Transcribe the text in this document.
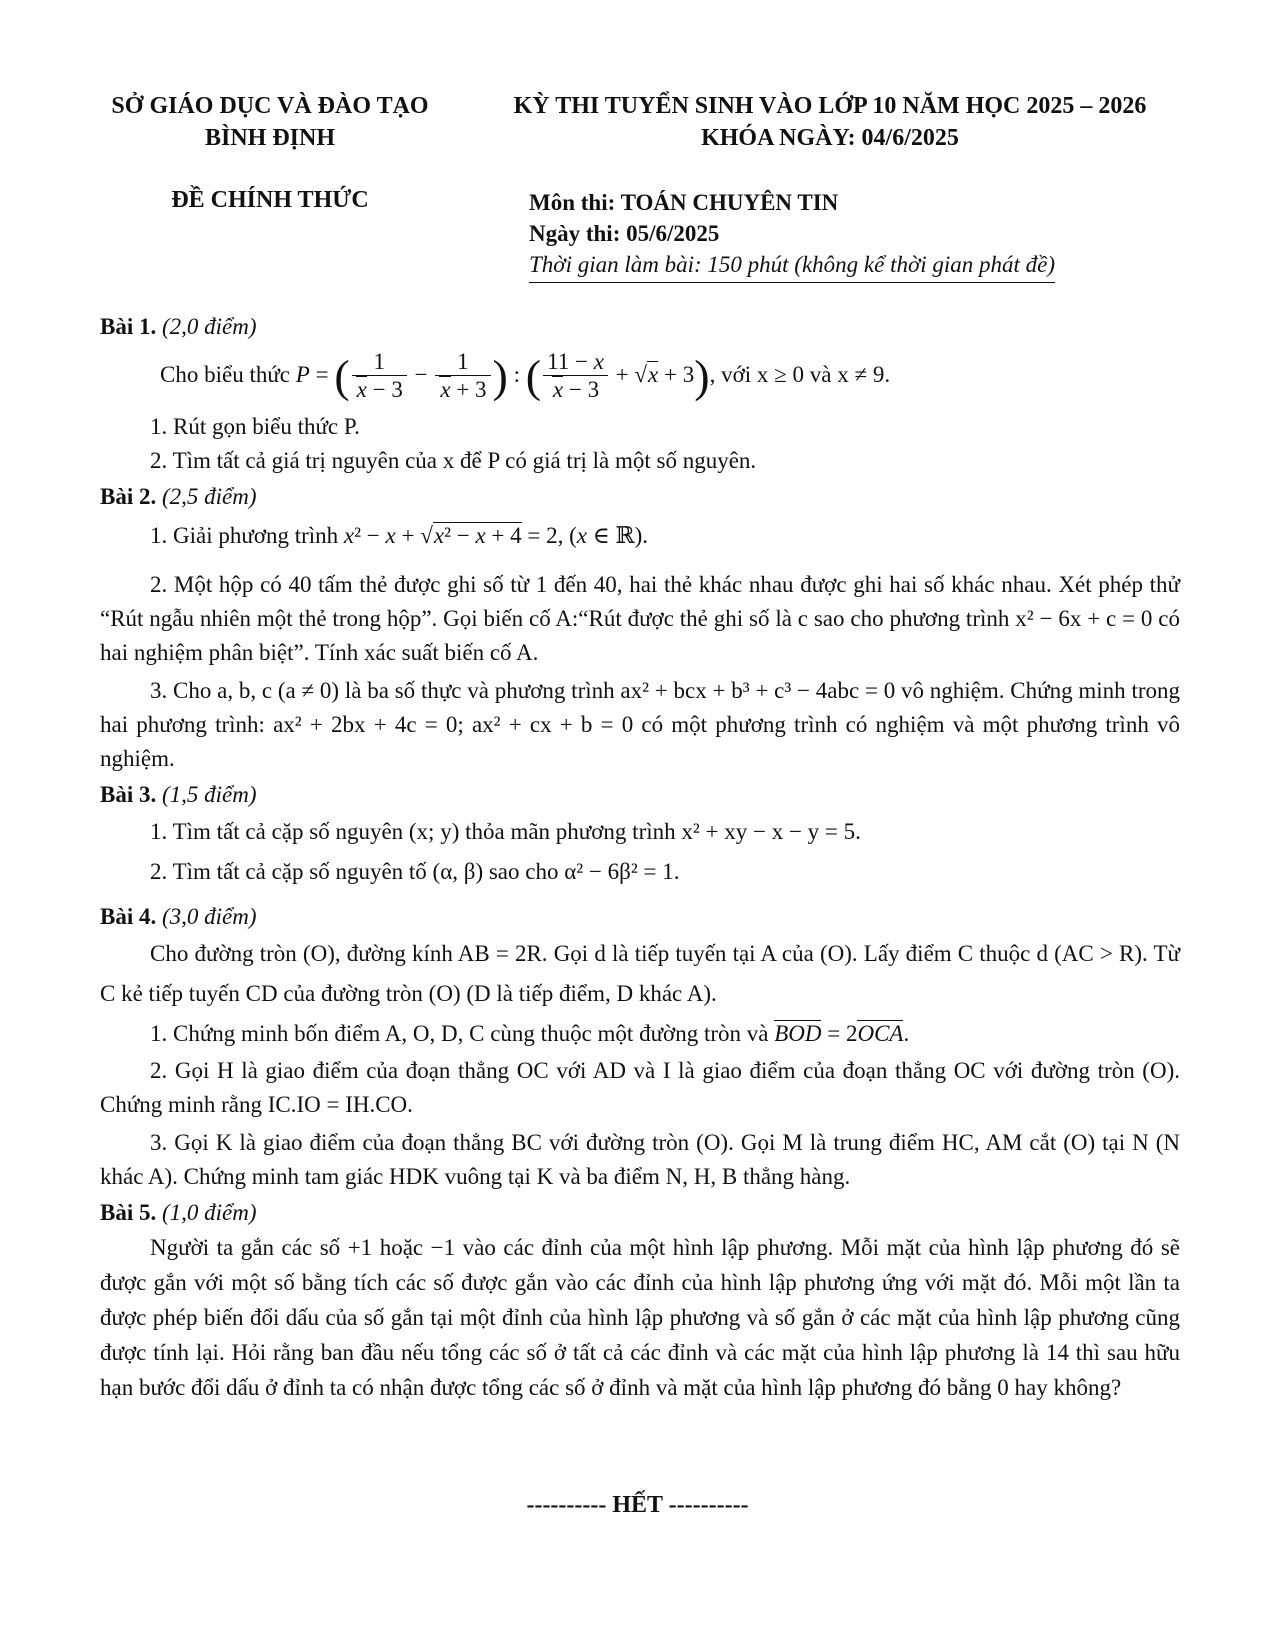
SỞ GIÁO DỤC VÀ ĐÀO TẠO
BÌNH ĐỊNH
KỲ THI TUYỂN SINH VÀO LỚP 10 NĂM HỌC 2025 – 2026
KHÓA NGÀY: 04/6/2025
ĐỀ CHÍNH THỨC	Môn thi: TOÁN CHUYÊN TIN
Ngày thi: 05/6/2025
Thời gian làm bài: 150 phút (không kể thời gian phát đề)
Bài 1. (2,0 điểm)

Cho biểu thức P = ( $\frac{1}{x - 3} - \frac{1}{x + 3}$ ) : ( $\frac{11 - x}{x - 3} + √x + 3$), với x ≥ 0 và x ≠ 9.

1. Rút gọn biểu thức P.

2. Tìm tất cả giá trị nguyên của x để P có giá trị là một số nguyên.

Bài 2. (2,5 điểm)

1. Giải phương trình x² − x + √x² − x + 4 = 2, (x ∈ ℝ).

2. Một hộp có 40 tấm thẻ được ghi số từ 1 đến 40, hai thẻ khác nhau được ghi hai số khác nhau. Xét phép thử “Rút ngẫu nhiên một thẻ trong hộp”. Gọi biến cố A:“Rút được thẻ ghi số là c sao cho phương trình x² − 6x + c = 0 có hai nghiệm phân biệt”. Tính xác suất biến cố A.

3. Cho a, b, c (a ≠ 0) là ba số thực và phương trình ax² + bcx + b³ + c³ − 4abc = 0 vô nghiệm. Chứng minh trong hai phương trình: ax² + 2bx + 4c = 0; ax² + cx + b = 0 có một phương trình có nghiệm và một phương trình vô nghiệm.

Bài 3. (1,5 điểm)

1. Tìm tất cả cặp số nguyên (x; y) thỏa mãn phương trình x² + xy − x − y = 5.

2. Tìm tất cả cặp số nguyên tố (α, β) sao cho α² − 6β² = 1.

Bài 4. (3,0 điểm)

Cho đường tròn (O), đường kính AB = 2R. Gọi d là tiếp tuyến tại A của (O). Lấy điểm C thuộc d (AC > R). Từ C kẻ tiếp tuyến CD của đường tròn (O) (D là tiếp điểm, D khác A).

1. Chứng minh bốn điểm A, O, D, C cùng thuộc một đường tròn và BOD = 2OCA.

2. Gọi H là giao điểm của đoạn thẳng OC với AD và I là giao điểm của đoạn thẳng OC với đường tròn (O). Chứng minh rằng IC.IO = IH.CO.

3. Gọi K là giao điểm của đoạn thẳng BC với đường tròn (O). Gọi M là trung điểm HC, AM cắt (O) tại N (N khác A). Chứng minh tam giác HDK vuông tại K và ba điểm N, H, B thẳng hàng.

Bài 5. (1,0 điểm)

Người ta gắn các số +1 hoặc −1 vào các đỉnh của một hình lập phương. Mỗi mặt của hình lập phương đó sẽ được gắn với một số bằng tích các số được gắn vào các đỉnh của hình lập phương ứng với mặt đó. Mỗi một lần ta được phép biến đổi dấu của số gắn tại một đỉnh của hình lập phương và số gắn ở các mặt của hình lập phương cũng được tính lại. Hỏi rằng ban đầu nếu tổng các số ở tất cả các đỉnh và các mặt của hình lập phương là 14 thì sau hữu hạn bước đổi dấu ở đỉnh ta có nhận được tổng các số ở đỉnh và mặt của hình lập phương đó bằng 0 hay không?

---------- HẾT ----------
